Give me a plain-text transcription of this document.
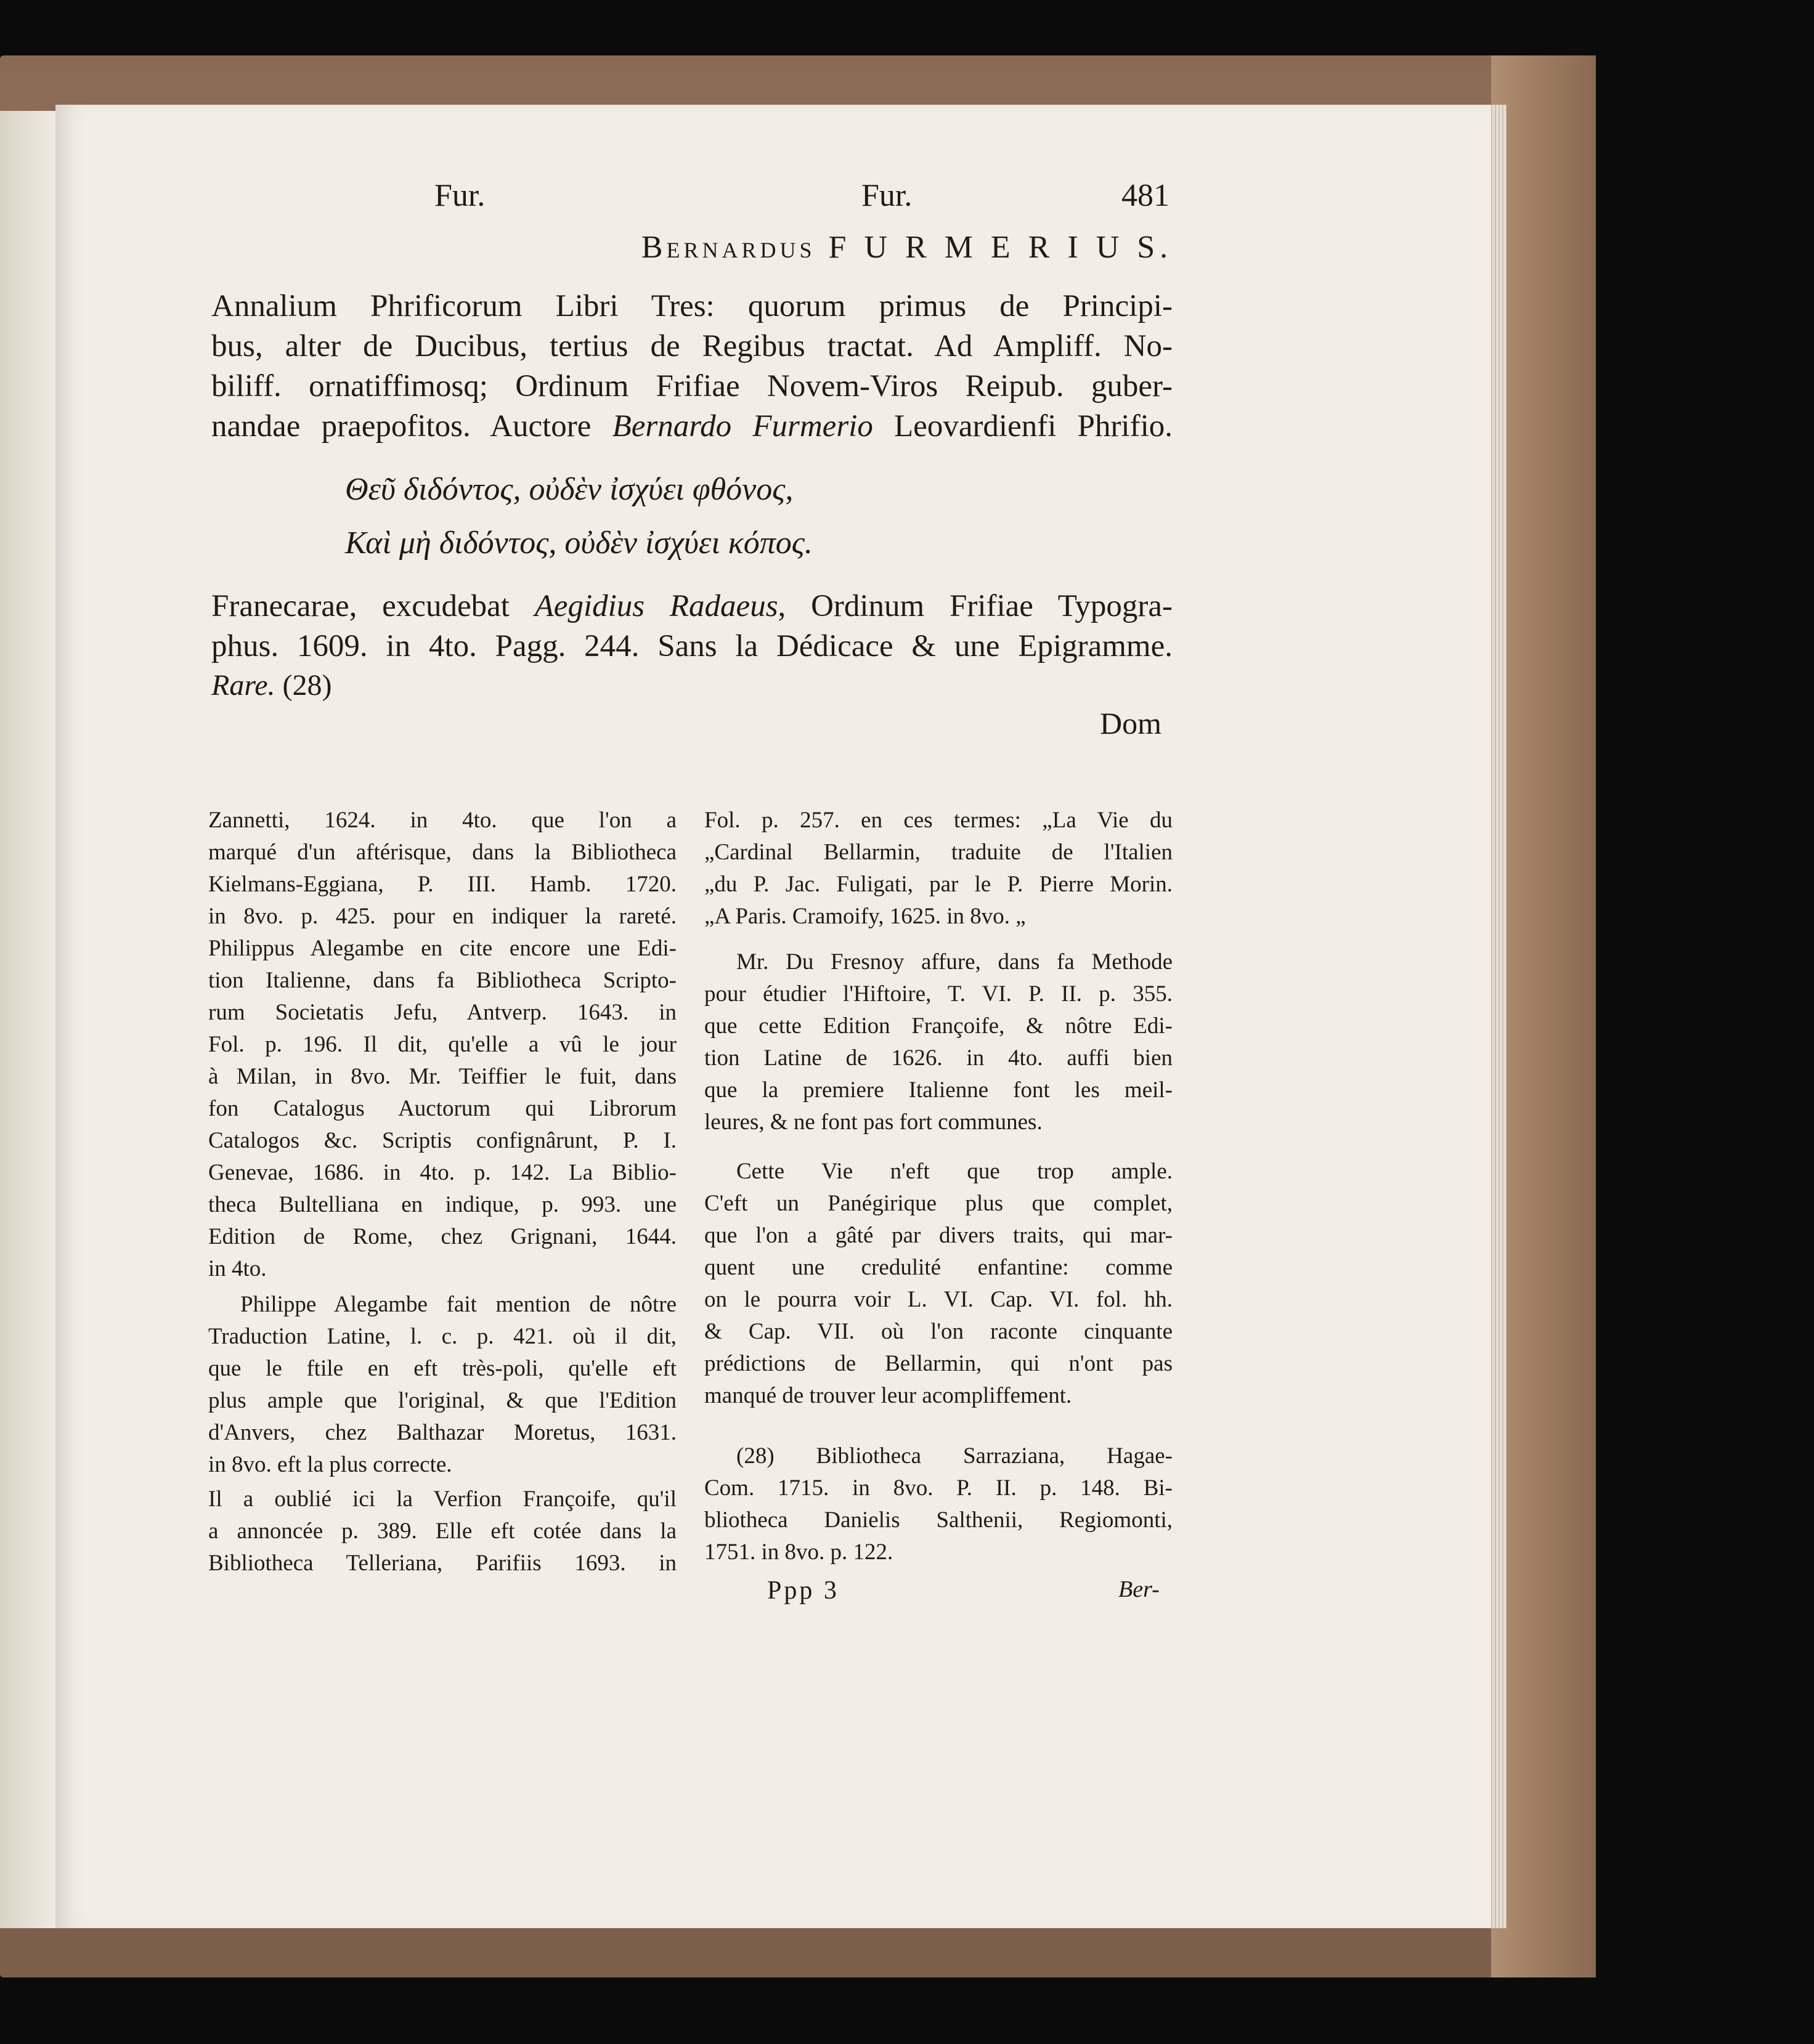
Fur.	Fur.	481
Bernardus F U R M E R I U S.
Annalium Phrificorum Libri Tres: quorum primus de Principi-
bus, alter de Ducibus, tertius de Regibus tractat. Ad Ampliff. No-
biliff. ornatiffimosq; Ordinum Frifiae Novem-Viros Reipub. guber-
nandae praepofitos. Auctore Bernardo Furmerio Leovardienfi Phrifio.
Θεῦ διδόντος, οὐδὲν ἰσχύει φθόνος,
Καὶ μὴ διδόντος, οὐδὲν ἰσχύει κόπος.
Franecarae, excudebat Aegidius Radaeus, Ordinum Frifiae Typogra-
phus. 1609. in 4to. Pagg. 244. Sans la Dédicace & une Epigramme.
Rare. (28)
Dom
Zannetti, 1624. in 4to. que l'on a
marqué d'un aftérisque, dans la Bibliotheca
Kielmans-Eggiana, P. III. Hamb. 1720.
in 8vo. p. 425. pour en indiquer la rareté.
Philippus Alegambe en cite encore une Edi-
tion Italienne, dans fa Bibliotheca Scripto-
rum Societatis Jefu, Antverp. 1643. in
Fol. p. 196. Il dit, qu'elle a vû le jour
à Milan, in 8vo. Mr. Teiffier le fuit, dans
fon Catalogus Auctorum qui Librorum
Catalogos &c. Scriptis confignârunt, P. I.
Genevae, 1686. in 4to. p. 142. La Biblio-
theca Bultelliana en indique, p. 993. une
Edition de Rome, chez Grignani, 1644.
in 4to.
Philippe Alegambe fait mention de nôtre
Traduction Latine, l. c. p. 421. où il dit,
que le ftile en eft très-poli, qu'elle eft
plus ample que l'original, & que l'Edition
d'Anvers, chez Balthazar Moretus, 1631.
in 8vo. eft la plus correcte.
Il a oublié ici la Verfion Françoife, qu'il
a annoncée p. 389. Elle eft cotée dans la
Bibliotheca Telleriana, Parifiis 1693. in
Fol. p. 257. en ces termes: „La Vie du
„Cardinal Bellarmin, traduite de l'Italien
„du P. Jac. Fuligati, par le P. Pierre Morin.
„A Paris. Cramoify, 1625. in 8vo. „
Mr. Du Fresnoy affure, dans fa Methode
pour étudier l'Hiftoire, T. VI. P. II. p. 355.
que cette Edition Françoife, & nôtre Edi-
tion Latine de 1626. in 4to. auffi bien
que la premiere Italienne font les meil-
leures, & ne font pas fort communes.
Cette Vie n'eft que trop ample.
C'eft un Panégirique plus que complet,
que l'on a gâté par divers traits, qui mar-
quent une credulité enfantine: comme
on le pourra voir L. VI. Cap. VI. fol. hh.
& Cap. VII. où l'on raconte cinquante
prédictions de Bellarmin, qui n'ont pas
manqué de trouver leur acompliffement.
(28) Bibliotheca Sarraziana, Hagae-
Com. 1715. in 8vo. P. II. p. 148. Bi-
bliotheca Danielis Salthenii, Regiomonti,
1751. in 8vo. p. 122.
Ppp 3	Ber-
